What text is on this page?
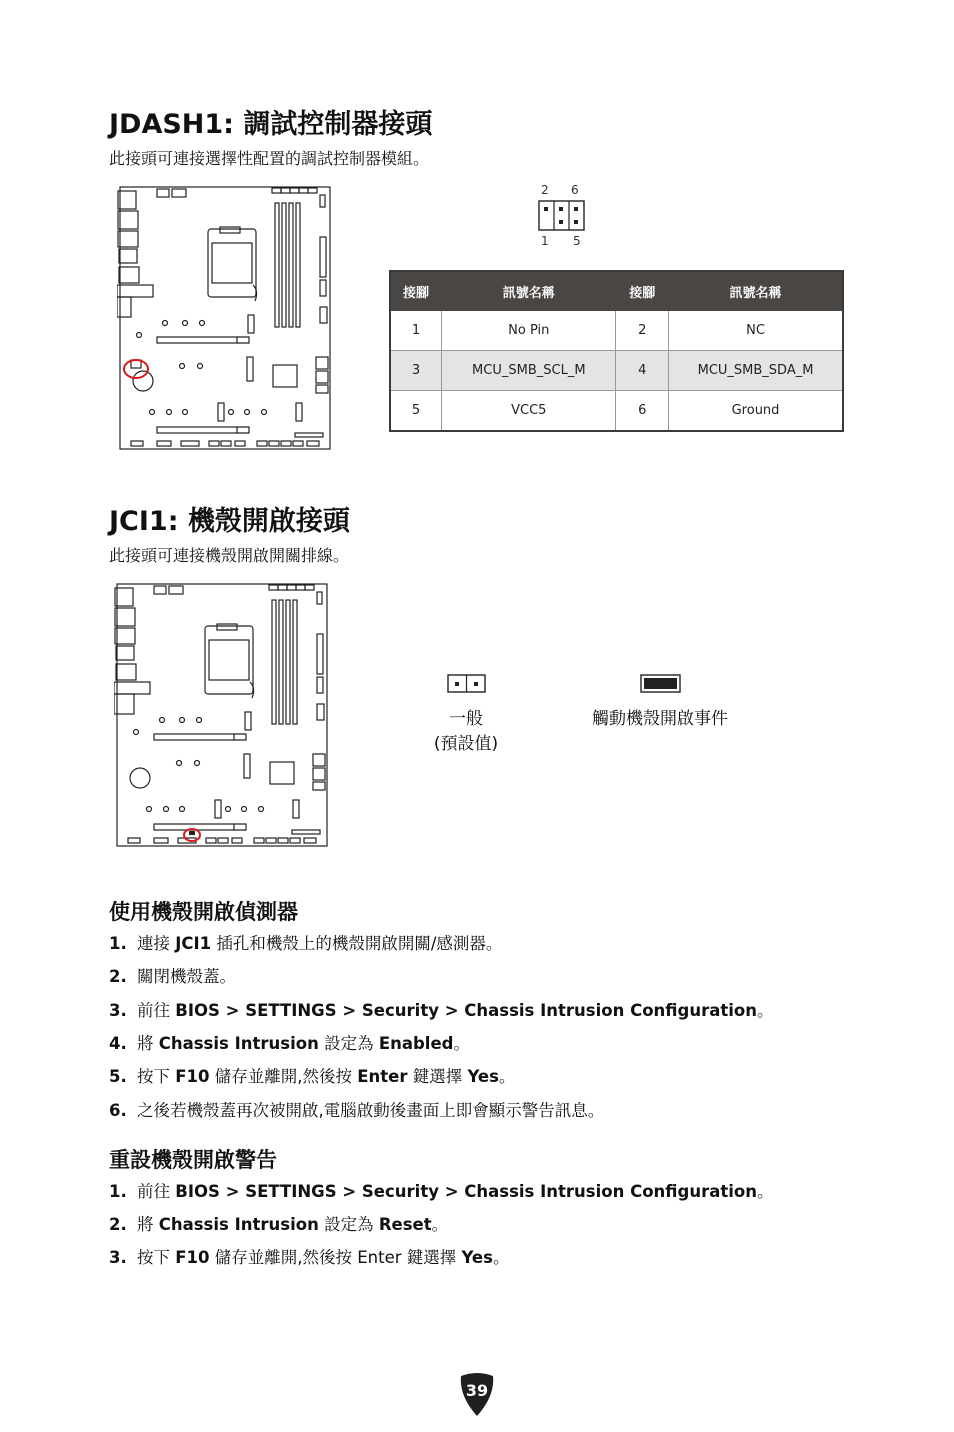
JDASH1: 調試控制器接頭
此接頭可連接選擇性配置的調試控制器模組。
2 6
1 5
接腳	訊號名稱	接腳	訊號名稱
1	No Pin	2	NC
3	MCU_SMB_SCL_M	4	MCU_SMB_SDA_M
5	VCC5	6	Ground
JCI1: 機殼開啟接頭
此接頭可連接機殼開啟開關排線。
一般
(預設值)
觸動機殼開啟事件
使用機殼開啟偵測器
1. 連接 JCI1 插孔和機殼上的機殼開啟開關/感測器。
2. 關閉機殼蓋。
3. 前往 BIOS > SETTINGS > Security > Chassis Intrusion Configuration。
4. 將 Chassis Intrusion 設定為 Enabled。
5. 按下 F10 儲存並離開,然後按 Enter 鍵選擇 Yes。
6. 之後若機殼蓋再次被開啟,電腦啟動後畫面上即會顯示警告訊息。
重設機殼開啟警告
1. 前往 BIOS > SETTINGS > Security > Chassis Intrusion Configuration。
2. 將 Chassis Intrusion 設定為 Reset。
3. 按下 F10 儲存並離開,然後按 Enter 鍵選擇 Yes。
39
